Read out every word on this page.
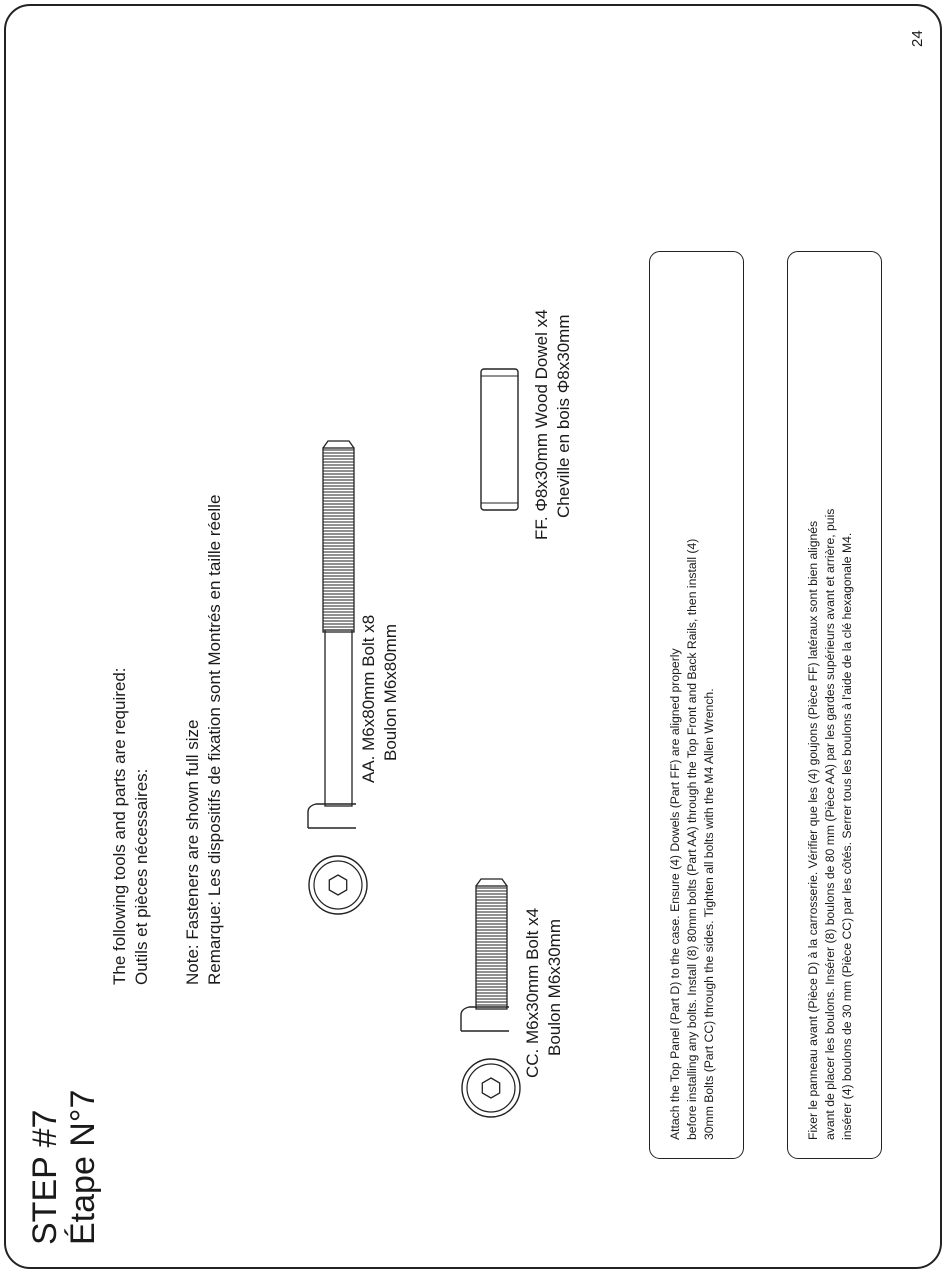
24
STEP #7 Étape N°7
The following tools and parts are required: Outils et pièces nécessaires: Note: Fasteners are shown full size Remarque: Les dispositifs de fixation sont Montrés en taille réelle	AA. M6x80mm Bolt x8 Boulon M6x80mm
CC. M6x30mm Bolt x4 Boulon M6x30mm
FF. Φ8x30mm Wood Dowel x4 Cheville en bois Φ8x30mm
Attach the Top Panel (Part D) to the case. Ensure (4) Dowels (Part FF) are aligned properly before installing any bolts. Install (8) 80mm bolts (Part AA) through the Top Front and Back Rails, then install (4) 30mm Bolts (Part CC) through the sides. Tighten all bolts with the M4 Allen Wrench.	Fixer le panneau avant (Pièce D) à la carrosserie. Vérifier que les (4) goujons (Pièce FF) latéraux sont bien alignés avant de placer les boulons. Insérer (8) boulons de 80 mm (Pièce AA) par les gardes supérieurs avant et arrière, puis insérer (4) boulons de 30 mm (Pièce CC) par les côtés. Serrer tous les boulons à l'aide de la clé hexagonale M4.
